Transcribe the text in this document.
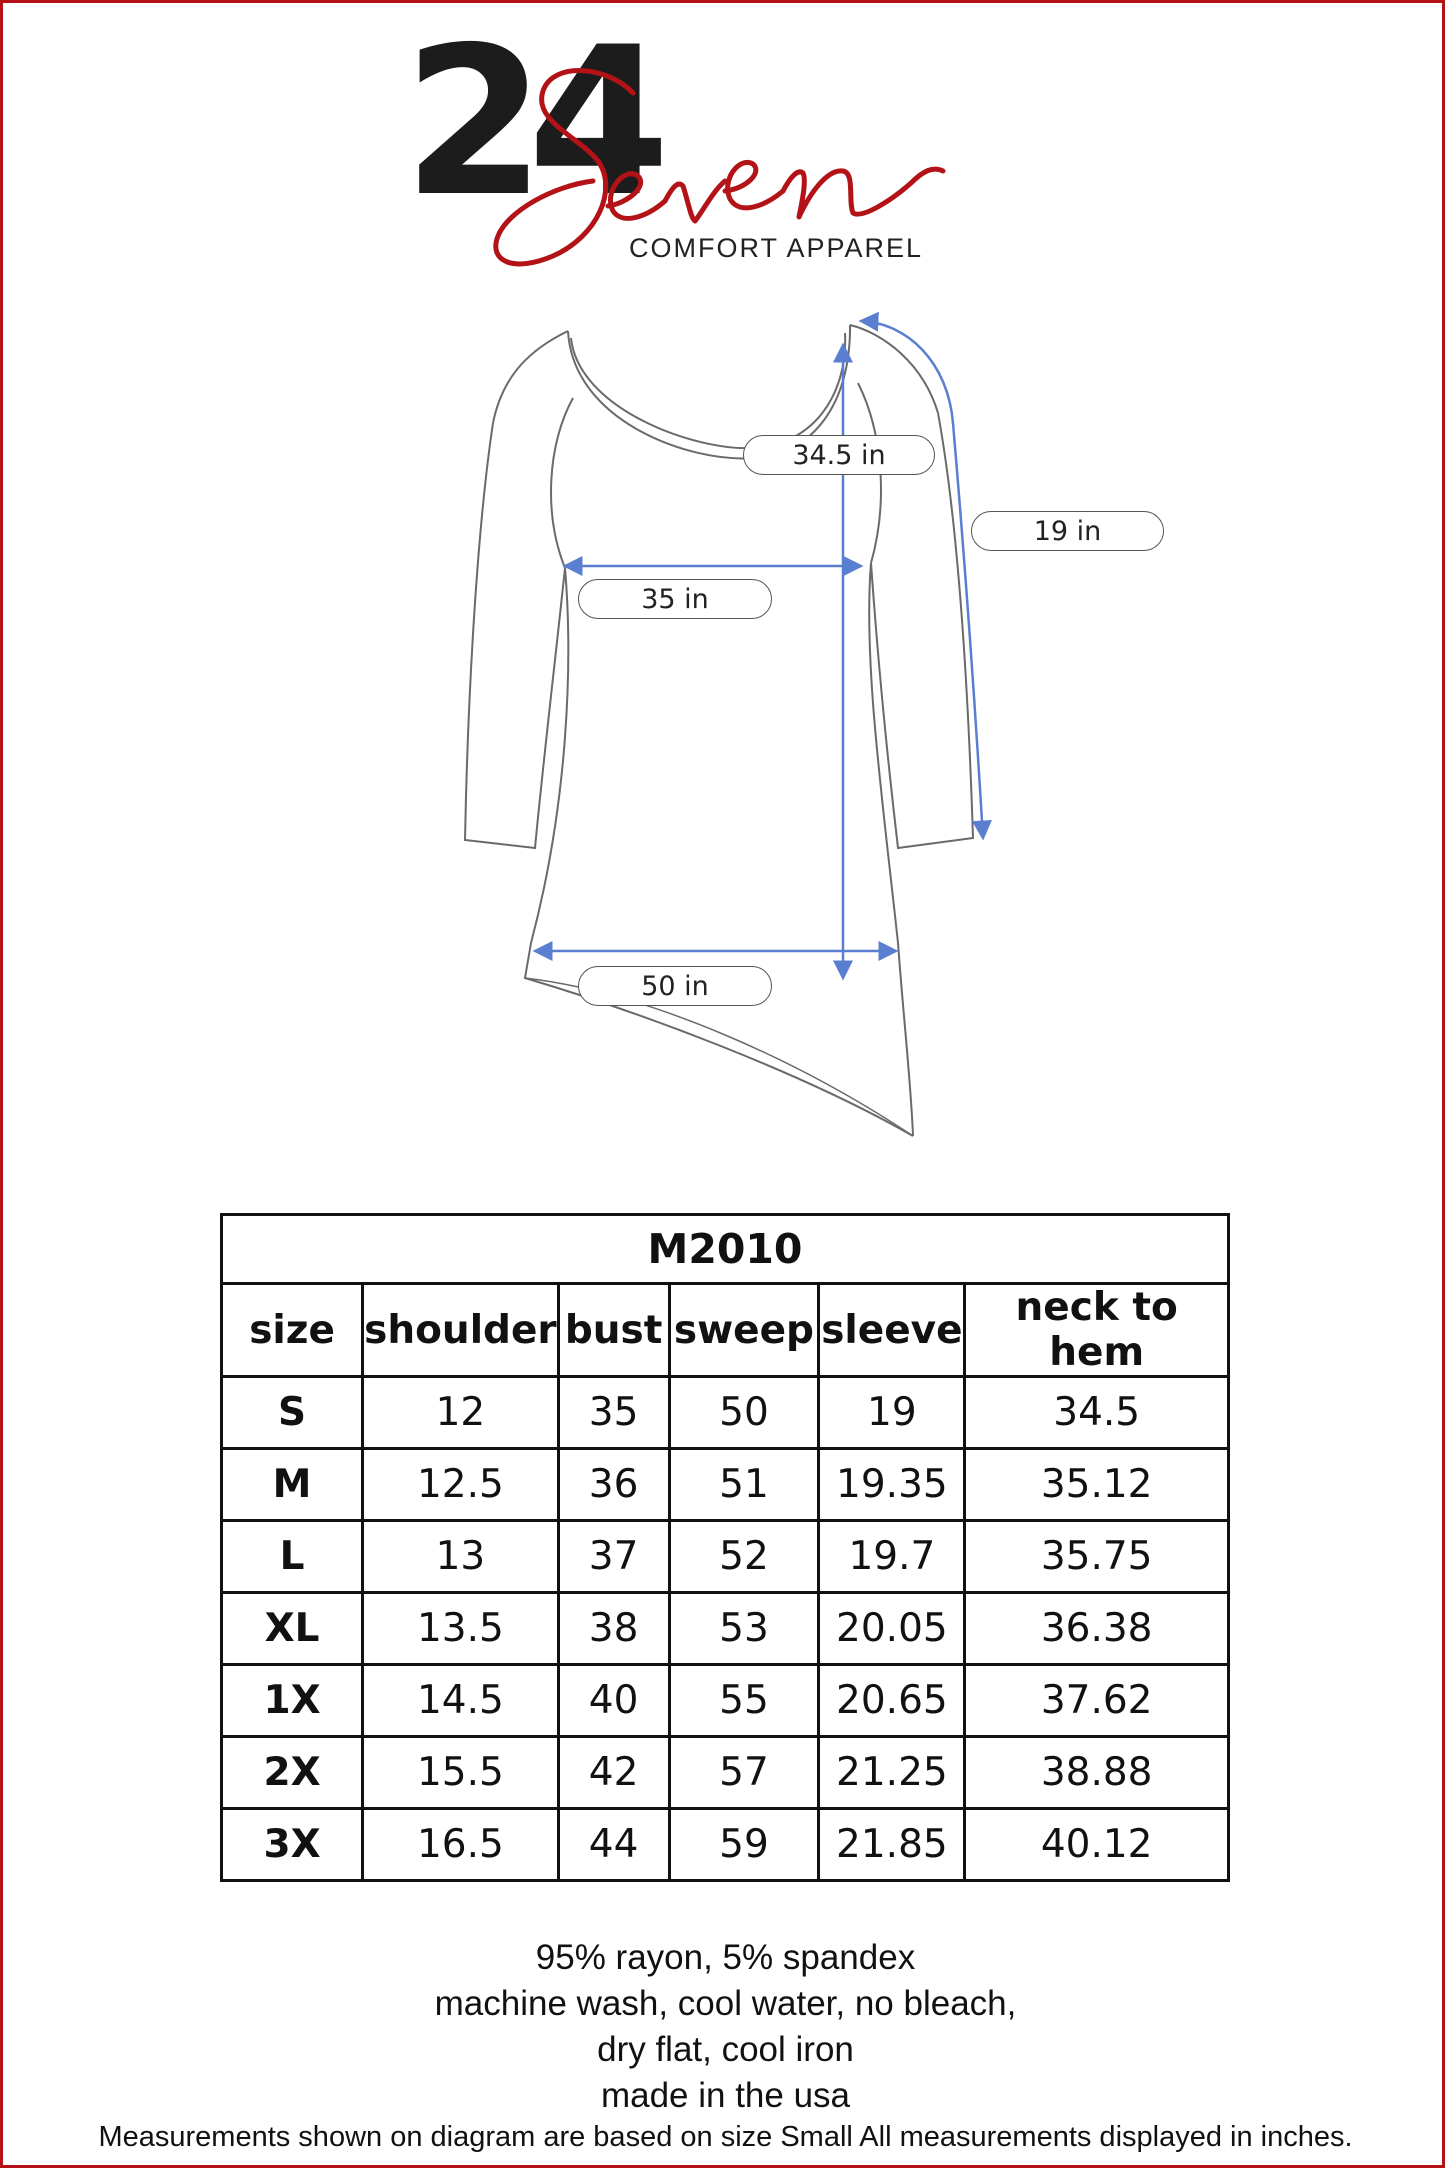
24
COMFORT APPAREL
34.5 in
19 in
35 in
50 in
M2010					
size	shoulder	bust	sweep	sleeve	neck to hem
S	12	35	50	19	34.5
M	12.5	36	51	19.35	35.12
L	13	37	52	19.7	35.75
XL	13.5	38	53	20.05	36.38
1X	14.5	40	55	20.65	37.62
2X	15.5	42	57	21.25	38.88
3X	16.5	44	59	21.85	40.12
95% rayon, 5% spandex
machine wash, cool water, no bleach,
dry flat, cool iron
made in the usa
Measurements shown on diagram are based on size Small All measurements displayed in inches.
